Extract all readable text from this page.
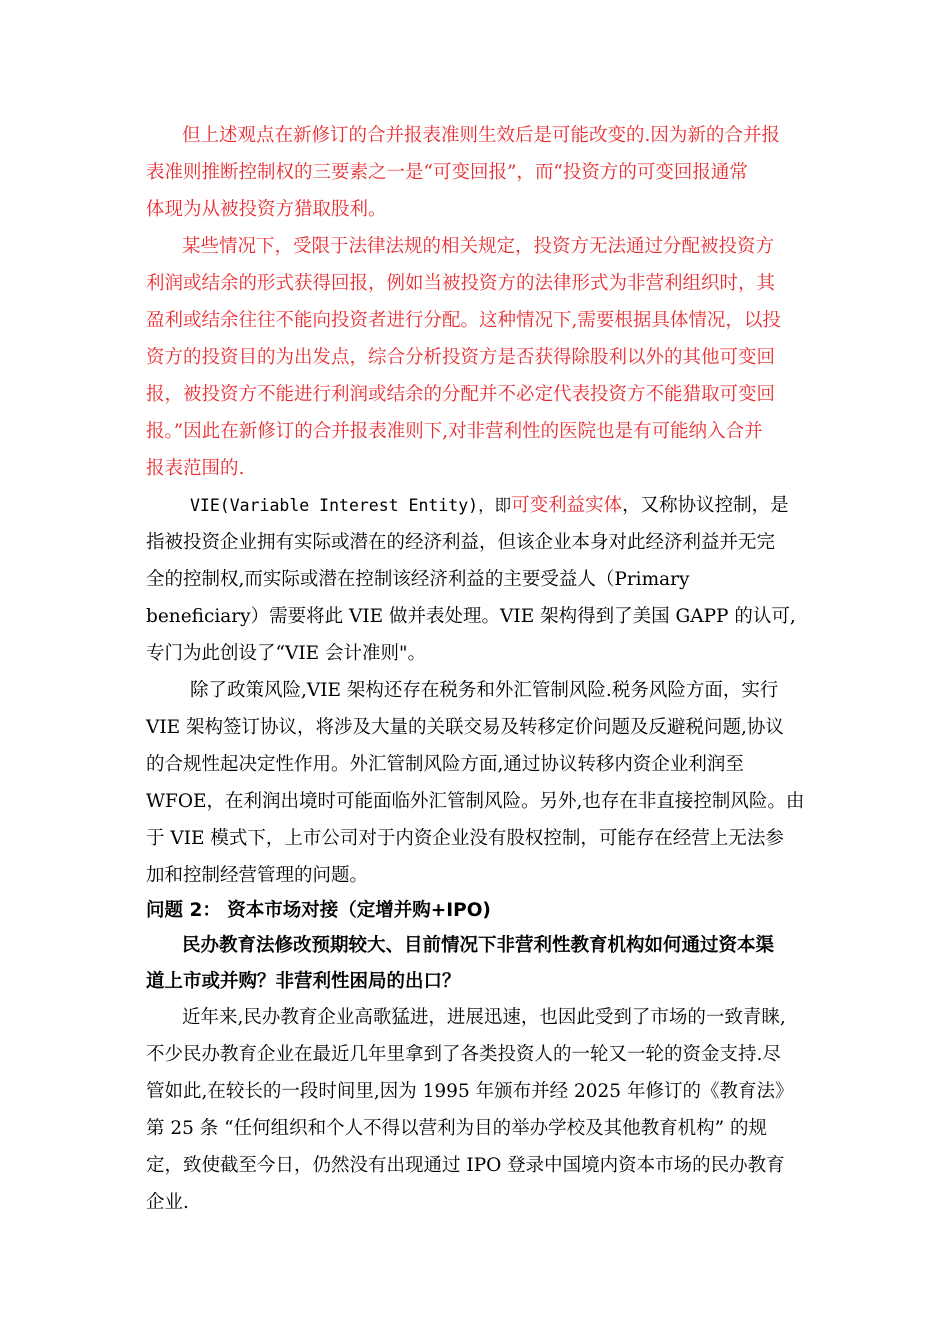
但上述观点在新修订的合并报表准则生效后是可能改变的.因为新的合并报
表准则推断控制权的三要素之一是“可变回报”，而“投资方的可变回报通常
体现为从被投资方猎取股利。
某些情况下，受限于法律法规的相关规定，投资方无法通过分配被投资方
利润或结余的形式获得回报，例如当被投资方的法律形式为非营利组织时，其
盈利或结余往往不能向投资者进行分配。这种情况下,需要根据具体情况，以投
资方的投资目的为出发点，综合分析投资方是否获得除股利以外的其他可变回
报，被投资方不能进行利润或结余的分配并不必定代表投资方不能猎取可变回
报。”因此在新修订的合并报表准则下,对非营利性的医院也是有可能纳入合并
报表范围的.
VIE(Variable Interest Entity)，即可变利益实体，又称协议控制，是
指被投资企业拥有实际或潜在的经济利益，但该企业本身对此经济利益并无完
全的控制权,而实际或潜在控制该经济利益的主要受益人（Primary
beneficiary）需要将此 VIE 做并表处理。VIE 架构得到了美国 GAPP 的认可,
专门为此创设了“VIE 会计准则"。
除了政策风险,VIE 架构还存在税务和外汇管制风险.税务风险方面，实行
VIE 架构签订协议，将涉及大量的关联交易及转移定价问题及反避税问题,协议
的合规性起决定性作用。外汇管制风险方面,通过协议转移内资企业利润至
WFOE，在利润出境时可能面临外汇管制风险。另外,也存在非直接控制风险。由
于 VIE 模式下，上市公司对于内资企业没有股权控制，可能存在经营上无法参
加和控制经营管理的问题。
问题 2： 资本市场对接（定增并购+IPO)
民办教育法修改预期较大、目前情况下非营利性教育机构如何通过资本渠
道上市或并购？非营利性困局的出口？
近年来,民办教育企业高歌猛进，进展迅速，也因此受到了市场的一致青睐,
不少民办教育企业在最近几年里拿到了各类投资人的一轮又一轮的资金支持.尽
管如此,在较长的一段时间里,因为 1995 年颁布并经 2025 年修订的《教育法》
第 25 条 “任何组织和个人不得以营利为目的举办学校及其他教育机构” 的规
定，致使截至今日，仍然没有出现通过 IPO 登录中国境内资本市场的民办教育
企业.
